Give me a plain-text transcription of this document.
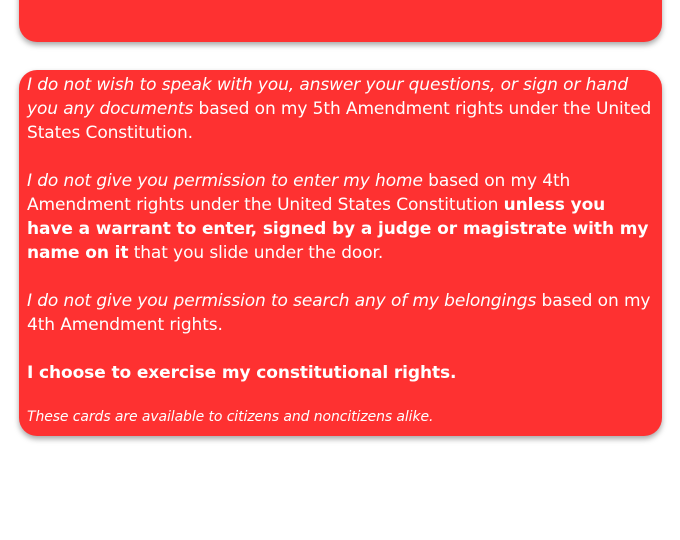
I do not wish to speak with you, answer your questions, or sign or hand you any documents based on my 5th Amendment rights under the United States Constitution.

I do not give you permission to enter my home based on my 4th Amendment rights under the United States Constitution unless you have a warrant to enter, signed by a judge or magistrate with my name on it that you slide under the door.

I do not give you permission to search any of my belongings based on my 4th Amendment rights.

I choose to exercise my constitutional rights.

These cards are available to citizens and noncitizens alike.
